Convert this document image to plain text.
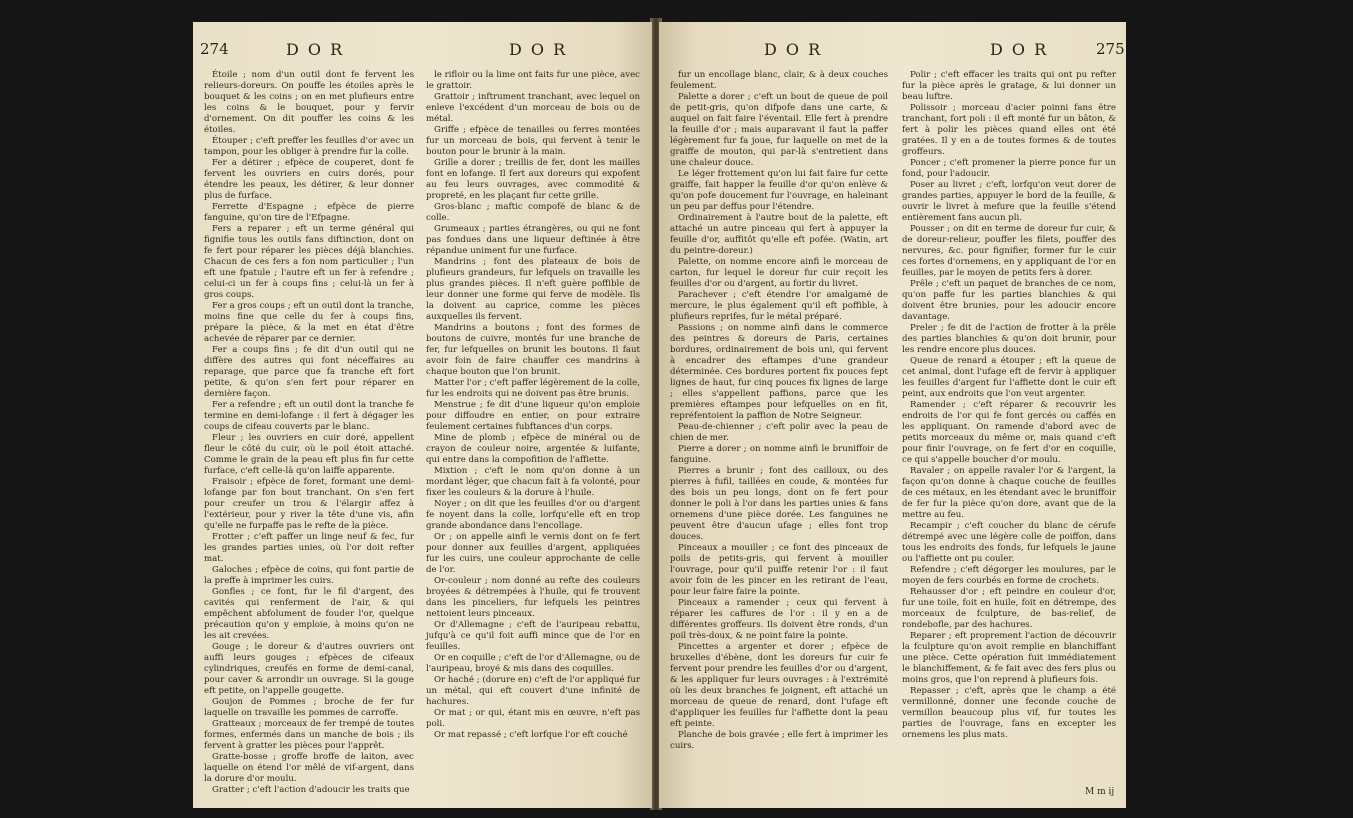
274	D O R	D O R	D O R	D O R	275

Étoile ; nom d'un outil dont fe fervent les relieurs-doreurs. On pouffe les étoiles après le bouquet & les coins ; on en met plufieurs entre les coins & le bouquet, pour y fervir d'ornement. On dit pouffer les coins & les étoiles.

Étouper ; c'eft preffer les feuilles d'or avec un tampon, pour les obliger à prendre fur la colle.

Fer a détirer ; efpèce de couperet, dont fe fervent les ouvriers en cuirs dorés, pour étendre les peaux, les détirer, & leur donner plus de furface.

Ferrette d'Espagne ; efpèce de pierre fanguine, qu'on tire de l'Efpagne.

Fers a reparer ; eft un terme général qui fignifie tous les outils fans diftinction, dont on fe fert pour réparer les pièces déjà blanchies. Chacun de ces fers a fon nom particulier ; l'un eft une fpatule ; l'autre eft un fer à refendre ; celui-ci un fer à coups fins ; celui-là un fer à gros coups.

Fer a gros coups ; eft un outil dont la tranche, moins fine que celle du fer à coups fins, prépare la pièce, & la met en état d'être achevée de réparer par ce dernier.

Fer a coups fins ; fe dit d'un outil qui ne diffère des autres qui font néceffaires au reparage, que parce que fa tranche eft fort petite, & qu'on s'en fert pour réparer en dernière façon.

Fer a refendre ; eft un outil dont la tranche fe termine en demi-lofange : il fert à dégager les coups de cifeau couverts par le blanc.

Fleur ; les ouvriers en cuir doré, appellent fleur le côté du cuir, où le poil étoit attaché. Comme le grain de la peau eft plus fin fur cette furface, c'eft celle-là qu'on laiffe apparente.

Fraisoir ; efpèce de foret, formant une demi-lofange par fon bout tranchant. On s'en fert pour creufer un trou & l'élargir affez à l'extérieur, pour y river la tête d'une vis, afin qu'elle ne furpaffe pas le refte de la pièce.

Frotter ; c'eft paffer un linge neuf & fec, fur les grandes parties unies, où l'or doit refter mat.

Galoches ; efpèce de coins, qui font partie de la preffe à imprimer les cuirs.

Gonfles ; ce font, fur le fil d'argent, des cavités qui renferment de l'air, & qui empêchent abfolument de fouder l'or, quelque précaution qu'on y emploie, à moins qu'on ne les ait crevées.

Gouge ; le doreur & d'autres ouvriers ont auffi leurs gouges ; efpèces de cifeaux cylindriques, creufés en forme de demi-canal, pour caver & arrondir un ouvrage. Si la gouge eft petite, on l'appelle gougette.

Goujon de Pommes ; broche de fer fur laquelle on travaille les pommes de carroffe.

Gratteaux ; morceaux de fer trempé de toutes formes, enfermés dans un manche de bois ; ils fervent à gratter les pièces pour l'apprêt.

Gratte-bosse ; groffe broffe de laiton, avec laquelle on étend l'or mêlé de vif-argent, dans la dorure d'or moulu.

Gratter ; c'eft l'action d'adoucir les traits que

le rifloir ou la lime ont faits fur une pièce, avec le grattoir.

Grattoir ; inftrument tranchant, avec lequel on enleve l'excédent d'un morceau de bois ou de métal.

Griffe ; efpèce de tenailles ou ferres montées fur un morceau de bois, qui fervent à tenir le bouton pour le brunir à la main.

Grille a dorer ; treillis de fer, dont les mailles font en lofange. Il fert aux doreurs qui expofent au feu leurs ouvrages, avec commodité & propreté, en les plaçant fur cette grille.

Gros-blanc ; maftic compofé de blanc & de colle.

Grumeaux ; parties étrangères, ou qui ne font pas fondues dans une liqueur deftinée à être répandue uniment fur une furface.

Mandrins ; font des plateaux de bois de plufieurs grandeurs, fur lefquels on travaille les plus grandes pièces. Il n'eft guère poffible de leur donner une forme qui ferve de modèle. Ils la doivent au caprice, comme les pièces auxquelles ils fervent.

Mandrins a boutons ; font des formes de boutons de cuivre, montés fur une branche de fer, fur lefquelles on brunit les boutons. Il faut avoir foin de faire chauffer ces mandrins à chaque bouton que l'on brunit.

Matter l'or ; c'eft paffer légèrement de la colle, fur les endroits qui ne doivent pas être brunis.

Menstrue ; fe dit d'une liqueur qu'on emploie pour diffoudre en entier, on pour extraire feulement certaines fubftances d'un corps.

Mine de plomb ; efpèce de minéral ou de crayon de couleur noire, argentée & luifante, qui entre dans la compofition de l'affiette.

Mixtion ; c'eft le nom qu'on donne à un mordant léger, que chacun fait à fa volonté, pour fixer les couleurs & la dorure à l'huile.

Noyer ; on dit que les feuilles d'or ou d'argent fe noyent dans la colle, lorfqu'elle eft en trop grande abondance dans l'encollage.

Or ; on appelle ainfi le vernis dont on fe fert pour donner aux feuilles d'argent, appliquées fur les cuirs, une couleur approchante de celle de l'or.

Or-couleur ; nom donné au refte des couleurs broyées & détrempées à l'huile, qui fe trouvent dans les pinceliers, fur lefquels les peintres nettoient leurs pinceaux.

Or d'Allemagne ; c'eft de l'auripeau rebattu, jufqu'à ce qu'il foit auffi mince que de l'or en feuilles.

Or en coquille ; c'eft de l'or d'Allemagne, ou de l'auripeau, broyé & mis dans des coquilles.

Or haché ; (dorure en) c'eft de l'or appliqué fur un métal, qui eft couvert d'une infinité de hachures.

Or mat ; or qui, étant mis en œuvre, n'eft pas poli.

Or mat repassé ; c'eft lorfque l'or eft couché

fur un encollage blanc, clair, & à deux couches feulement.

Palette a dorer ; c'eft un bout de queue de poil de petit-gris, qu'on difpofe dans une carte, & auquel on fait faire l'éventail. Elle fert à prendre la feuille d'or ; mais auparavant il faut la paffer légèrement fur fa joue, fur laquelle on met de la graiffe de mouton, qui par-là s'entretient dans une chaleur douce.

Le léger frottement qu'on lui fait faire fur cette graiffe, fait happer la feuille d'or qu'on enlève & qu'on pofe doucement fur l'ouvrage, en haleinant un peu par deffus pour l'étendre.

Ordinairement à l'autre bout de la palette, eft attaché un autre pinceau qui fert à appuyer la feuille d'or, auffitôt qu'elle eft pofée. (Watin, art du peintre-doreur.)

Palette, on nomme encore ainfi le morceau de carton, fur lequel le doreur fur cuir reçoit les feuilles d'or ou d'argent, au fortir du livret.

Parachever ; c'eft étendre l'or amalgamé de mercure, le plus également qu'il eft poffible, à plufieurs reprifes, fur le métal préparé.

Passions ; on nomme ainfi dans le commerce des peintres & doreurs de Paris, certaines bordures, ordinairement de bois uni, qui fervent à encadrer des eftampes d'une grandeur déterminée. Ces bordures portent fix pouces fept lignes de haut, fur cinq pouces fix lignes de large ; elles s'appellent paffions, parce que les premières eftampes pour lefquelles on en fit, repréfentoient la paffion de Notre Seigneur.

Peau-de-chienner ; c'eft polir avec la peau de chien de mer.

Pierre a dorer ; on nomme ainfi le bruniffoir de fanguine.

Pierres a brunir ; font des cailloux, ou des pierres à fufil, taillées en coude, & montées fur des bois un peu longs, dont on fe fert pour donner le poli à l'or dans les parties unies & fans ornemens d'une pièce dorée. Les fanguines ne peuvent être d'aucun ufage ; elles font trop douces.

Pinceaux a mouiller ; ce font des pinceaux de poils de petits-gris, qui fervent à mouiller l'ouvrage, pour qu'il puiffe retenir l'or : il faut avoir foin de les pincer en les retirant de l'eau, pour leur faire faire la pointe.

Pinceaux a ramender ; ceux qui fervent à réparer les caffures de l'or : il y en a de différentes groffeurs. Ils doivent être ronds, d'un poil très-doux, & ne point faire la pointe.

Pincettes a argenter et dorer ; efpèce de bruxelles d'ébène, dont les doreurs fur cuir fe fervent pour prendre les feuilles d'or ou d'argent, & les appliquer fur leurs ouvrages : à l'extrémité où les deux branches fe joignent, eft attaché un morceau de queue de renard, dont l'ufage eft d'appliquer les feuilles fur l'affiette dont la peau eft peinte.

Planche de bois gravée ; elle fert à imprimer les cuirs.

Polir ; c'eft effacer les traits qui ont pu refter fur la pièce après le gratage, & lui donner un beau luftre.

Polissoir ; morceau d'acier poinni fans être tranchant, fort poli : il eft monté fur un bâton, & fert à polir les pièces quand elles ont été gratées. Il y en a de toutes formes & de toutes groffeurs.

Poncer ; c'eft promener la pierre ponce fur un fond, pour l'adoucir.

Poser au livret ; c'eft, lorfqu'on veut dorer de grandes parties, appuyer le bord de la feuille, & ouvrir le livret à mefure que la feuille s'étend entièrement fans aucun pli.

Pousser ; on dit en terme de doreur fur cuir, & de doreur-relieur, pouffer les filets, pouffer des nervures, &c. pour fignifier, former fur le cuir ces fortes d'ornemens, en y appliquant de l'or en feuilles, par le moyen de petits fers à dorer.

Prêle ; c'eft un paquet de branches de ce nom, qu'on paffe fur les parties blanchies & qui doivent être brunies, pour les adoucir encore davantage.

Preler ; fe dit de l'action de frotter à la prêle des parties blanchies & qu'on doit brunir, pour les rendre encore plus douces.

Queue de renard a étouper ; eft la queue de cet animal, dont l'ufage eft de fervir à appliquer les feuilles d'argent fur l'affiette dont le cuir eft peint, aux endroits que l'on veut argenter.

Ramender ; c'eft réparer & recouvrir les endroits de l'or qui fe font gercés ou caffés en les appliquant. On ramende d'abord avec de petits morceaux du même or, mais quand c'eft pour finir l'ouvrage, on fe fert d'or en coquille, ce qui s'appelle boucher d'or moulu.

Ravaler ; on appelle ravaler l'or & l'argent, la façon qu'on donne à chaque couche de feuilles de ces métaux, en les étendant avec le bruniffoir de fer fur la pièce qu'on dore, avant que de la mettre au feu.

Recampir ; c'eft coucher du blanc de cérufe détrempé avec une légère colle de poiffon, dans tous les endroits des fonds, fur lefquels le jaune ou l'affiette ont pu couler.

Refendre ; c'eft dégorger les moulures, par le moyen de fers courbés en forme de crochets.

Rehausser d'or ; eft peindre en couleur d'or, fur une toile, foit en huile, foit en détrempe, des morceaux de fculpture, de bas-relief, de rondebofle, par des hachures.

Reparer ; eft proprement l'action de découvrir la fculpture qu'on avoit remplie en blanchiffant une pièce. Cette opération fuit immédiatement le blanchiffement, & fe fait avec des fers plus ou moins gros, que l'on reprend à plufieurs fois.

Repasser ; c'eft, après que le champ a été vermillonné, donner une feconde couche de vermillon beaucoup plus vif, fur toutes les parties de l'ouvrage, fans en excepter les ornemens les plus mats.

M m ij
